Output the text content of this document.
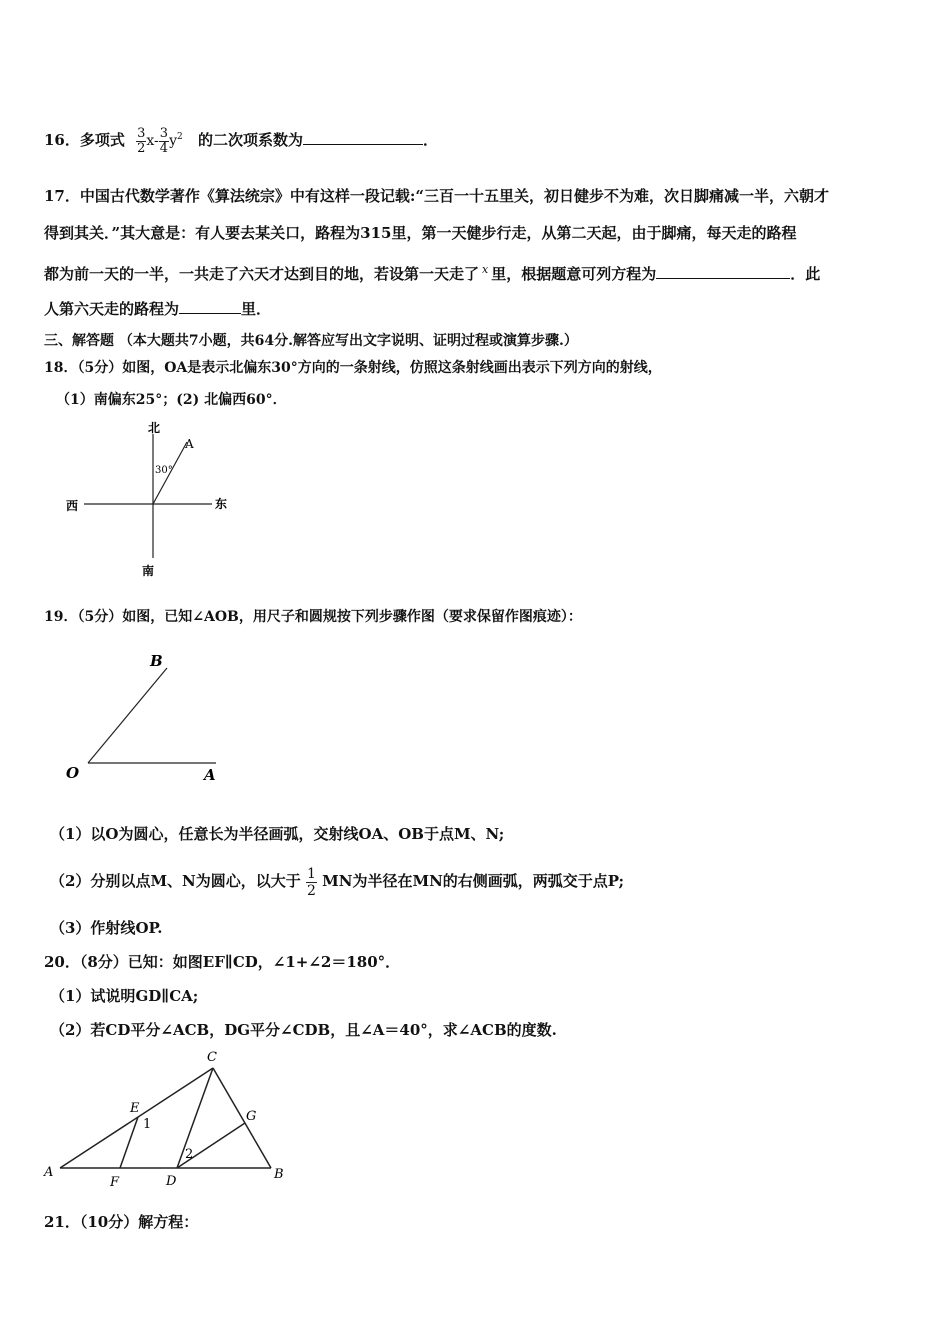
16．多项式 $\frac{3}{2} x- \frac{3}{4} y^2$ 的二次项系数为	．
17．中国古代数学著作《算法统宗》中有这样一段记载:“三百一十五里关，初日健步不为难，次日脚痛减一半，六朝才
得到其关．”其大意是：有人要去某关口，路程为315里，第一天健步行走，从第二天起，由于脚痛，每天走的路程
都为前一天的一半，一共走了六天才达到目的地，若设第一天走了 $^x$ 里，根据题意可列方程为	．此
人第六天走的路程为	里．
三、解答题 （本大题共7小题，共64分.解答应写出文字说明、证明过程或演算步骤.）
18．（5分）如图，OA是表示北偏东30°方向的一条射线，仿照这条射线画出表示下列方向的射线，
（1）南偏东25°；(2) 北偏西60°．
北
南
东
西
A
30°
19．（5分）如图，已知∠AOB，用尺子和圆规按下列步骤作图（要求保留作图痕迹）：
B
O	A
（1）以O为圆心，任意长为半径画弧，交射线OA、OB于点M、N;
（2）分别以点M、N为圆心，以大于 $\frac{1}{2}$ MN为半径在MN的右侧画弧，两弧交于点P;
（3）作射线OP.
20．（8分）已知：如图EF∥CD，∠1+∠2＝180°．
（1）试说明GD∥CA;
（2）若CD平分∠ACB，DG平分∠CDB，且∠A＝40°，求∠ACB的度数.
A	B
C
D
E
F
G
1
2
21．（10分）解方程：
